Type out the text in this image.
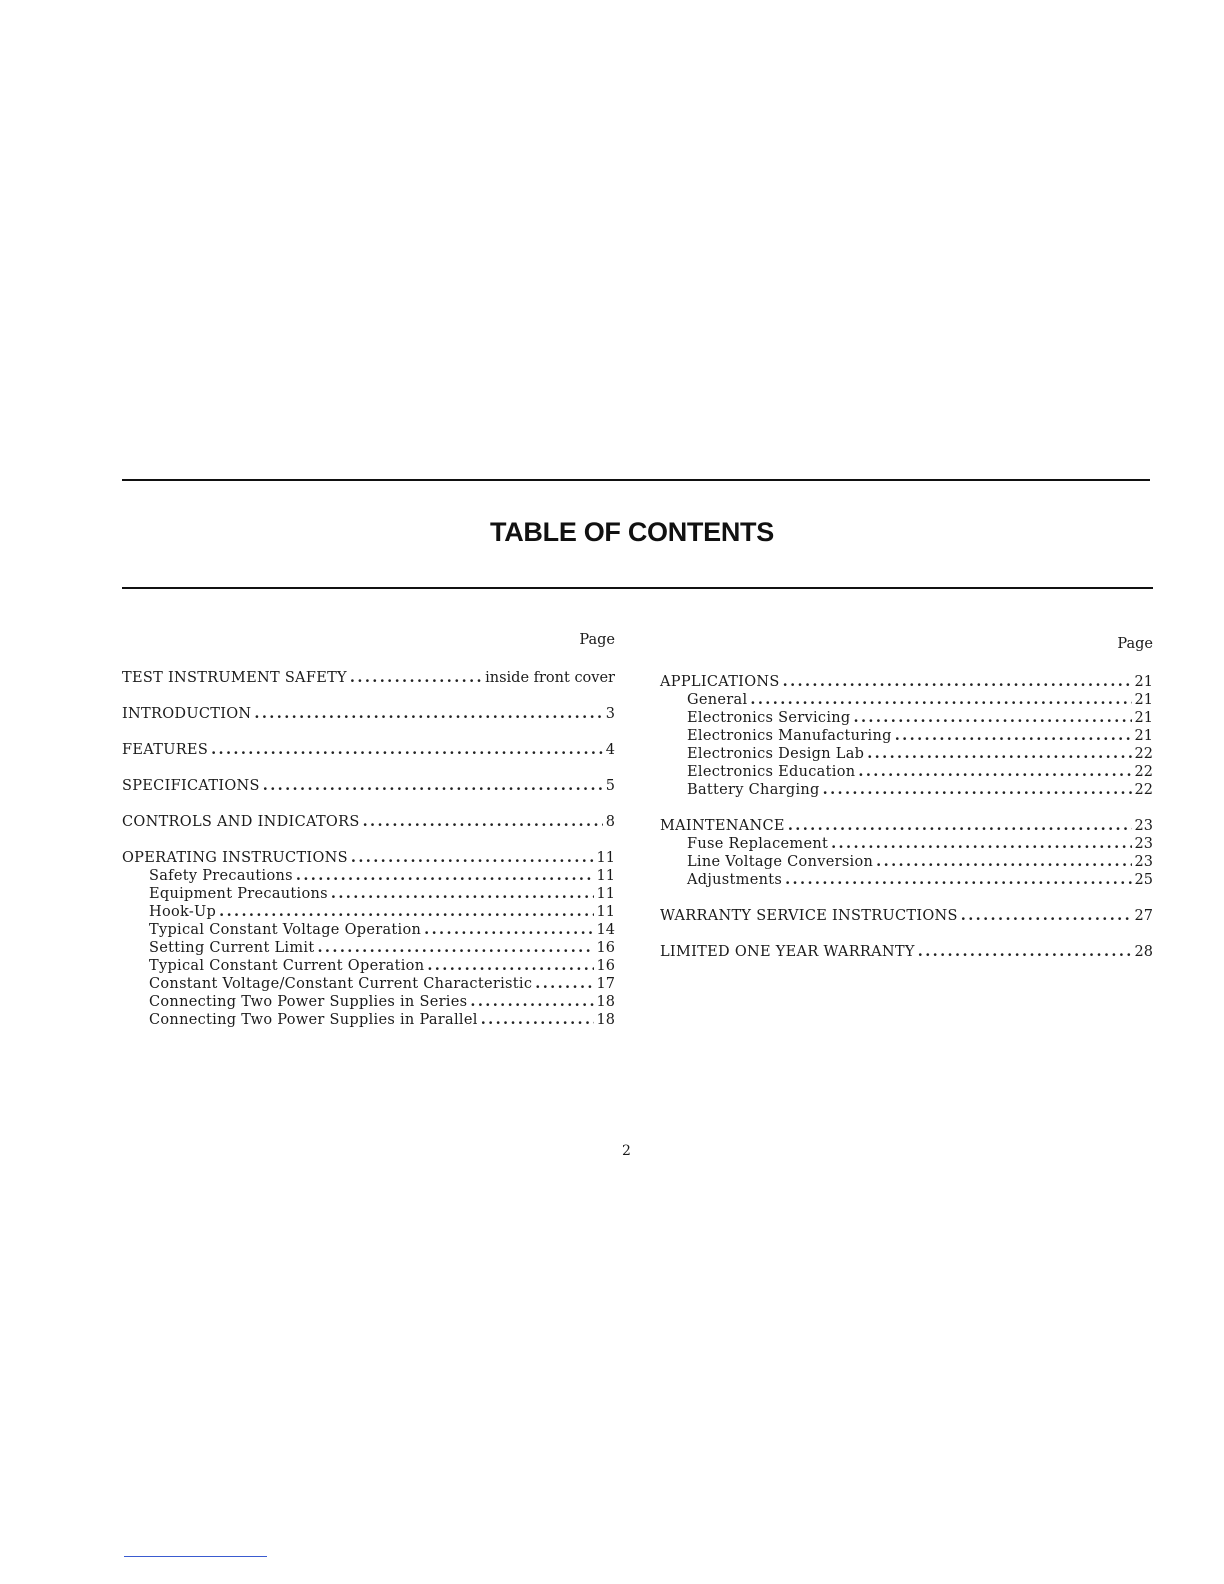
TABLE OF CONTENTS
Page
TEST INSTRUMENT SAFETY .....	inside front cover
INTRODUCTION .....	3
FEATURES .....	4
SPECIFICATIONS .....	5
CONTROLS AND INDICATORS .....	8
OPERATING INSTRUCTIONS .....	11
Safety Precautions .....	11
Equipment Precautions .....	11
Hook-Up .....	11
Typical Constant Voltage Operation .....	14
Setting Current Limit .....	16
Typical Constant Current Operation .....	16
Constant Voltage/Constant Current Characteristic .....	17
Connecting Two Power Supplies in Series .....	18
Connecting Two Power Supplies in Parallel .....	18
Page
APPLICATIONS .....	21
General .....	21
Electronics Servicing .....	21
Electronics Manufacturing .....	21
Electronics Design Lab .....	22
Electronics Education .....	22
Battery Charging .....	22
MAINTENANCE .....	23
Fuse Replacement .....	23
Line Voltage Conversion .....	23
Adjustments .....	25
WARRANTY SERVICE INSTRUCTIONS .....	27
LIMITED ONE YEAR WARRANTY .....	28
2
